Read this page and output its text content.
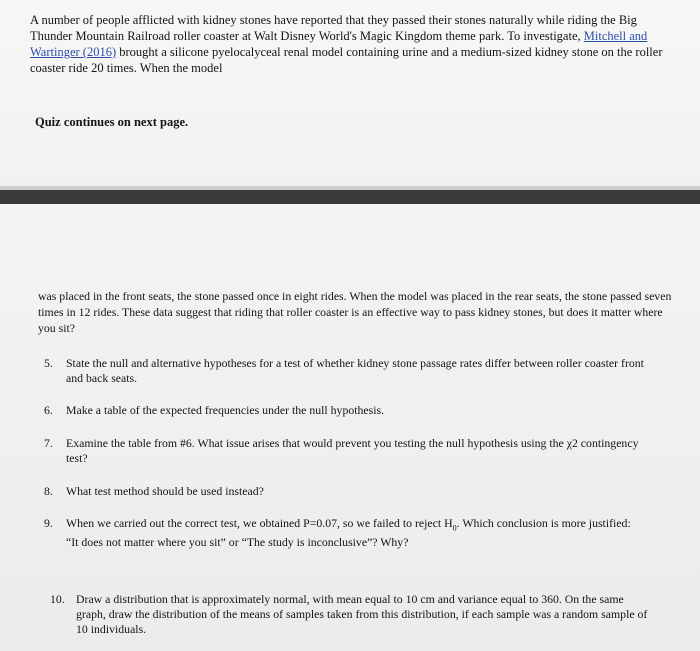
A number of people afflicted with kidney stones have reported that they passed their stones naturally while riding the Big Thunder Mountain Railroad roller coaster at Walt Disney World's Magic Kingdom theme park. To investigate, Mitchell and Wartinger (2016) brought a silicone pyelocalyceal renal model containing urine and a medium-sized kidney stone on the roller coaster ride 20 times. When the model

Quiz continues on next page.

was placed in the front seats, the stone passed once in eight rides. When the model was placed in the rear seats, the stone passed seven times in 12 rides. These data suggest that riding that roller coaster is an effective way to pass kidney stones, but does it matter where you sit?

5. State the null and alternative hypotheses for a test of whether kidney stone passage rates differ between roller coaster front and back seats.
6. Make a table of the expected frequencies under the null hypothesis.
7. Examine the table from #6. What issue arises that would prevent you testing the null hypothesis using the χ2 contingency test?
8. What test method should be used instead?
9. When we carried out the correct test, we obtained P=0.07, so we failed to reject $H_0$. Which conclusion is more justified: “It does not matter where you sit” or “The study is inconclusive”? Why?
10. Draw a distribution that is approximately normal, with mean equal to 10 cm and variance equal to 360. On the same graph, draw the distribution of the means of samples taken from this distribution, if each sample was a random sample of 10 individuals.
